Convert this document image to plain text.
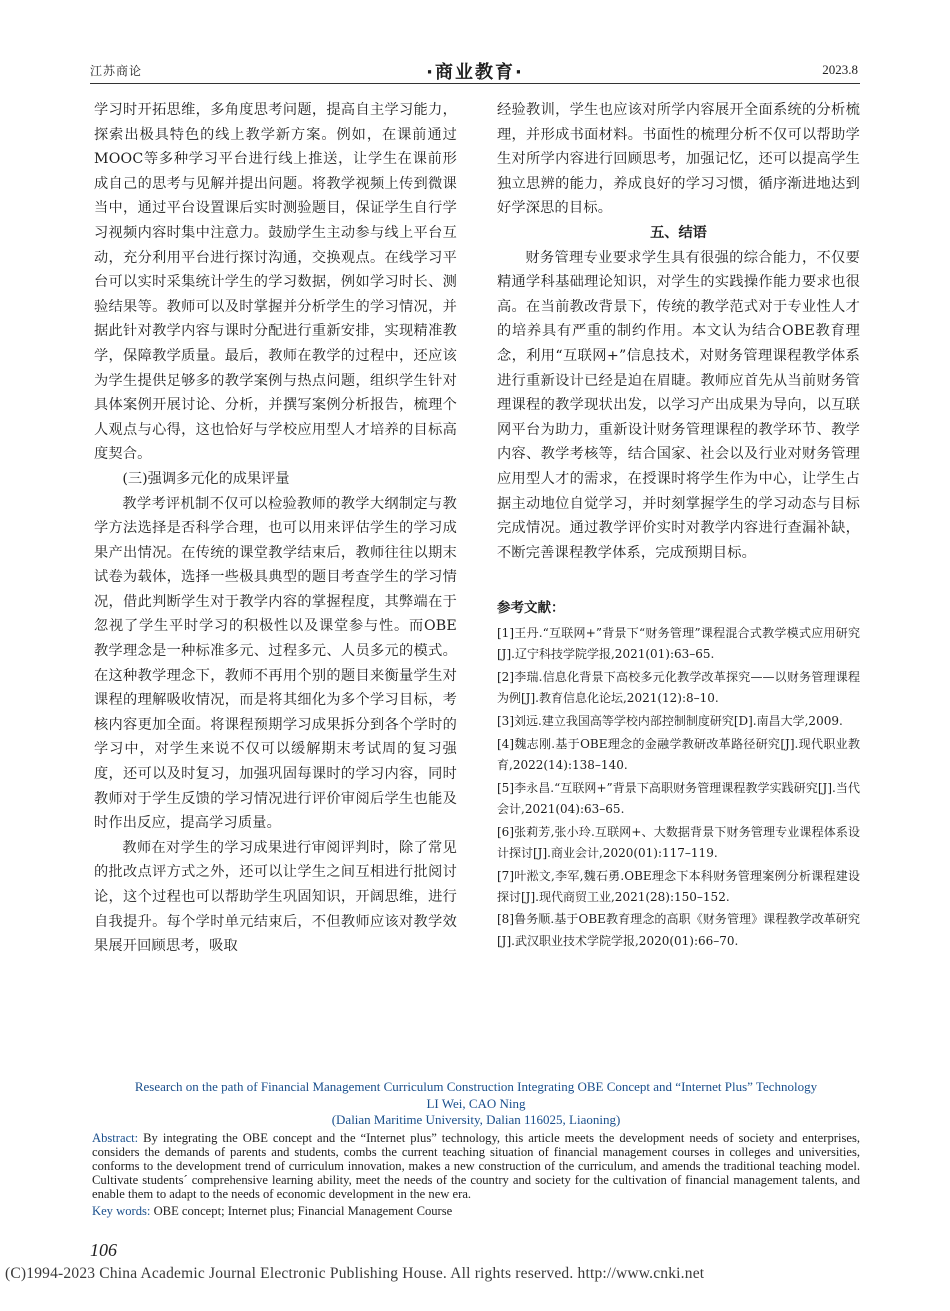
江苏商论	·商业教育·	2023.8

学习时开拓思维，多角度思考问题，提高自主学习能力，探索出极具特色的线上教学新方案。例如，在课前通过MOOC等多种学习平台进行线上推送，让学生在课前形成自己的思考与见解并提出问题。将教学视频上传到微课当中，通过平台设置课后实时测验题目，保证学生自行学习视频内容时集中注意力。鼓励学生主动参与线上平台互动，充分利用平台进行探讨沟通，交换观点。在线学习平台可以实时采集统计学生的学习数据，例如学习时长、测验结果等。教师可以及时掌握并分析学生的学习情况，并据此针对教学内容与课时分配进行重新安排，实现精准教学，保障教学质量。最后，教师在教学的过程中，还应该为学生提供足够多的教学案例与热点问题，组织学生针对具体案例开展讨论、分析，并撰写案例分析报告，梳理个人观点与心得，这也恰好与学校应用型人才培养的目标高度契合。

(三)强调多元化的成果评量

教学考评机制不仅可以检验教师的教学大纲制定与教学方法选择是否科学合理，也可以用来评估学生的学习成果产出情况。在传统的课堂教学结束后，教师往往以期末试卷为载体，选择一些极具典型的题目考查学生的学习情况，借此判断学生对于教学内容的掌握程度，其弊端在于忽视了学生平时学习的积极性以及课堂参与性。而OBE教学理念是一种标准多元、过程多元、人员多元的模式。在这种教学理念下，教师不再用个别的题目来衡量学生对课程的理解吸收情况，而是将其细化为多个学习目标，考核内容更加全面。将课程预期学习成果拆分到各个学时的学习中，对学生来说不仅可以缓解期末考试周的复习强度，还可以及时复习，加强巩固每课时的学习内容，同时教师对于学生反馈的学习情况进行评价审阅后学生也能及时作出反应，提高学习质量。

教师在对学生的学习成果进行审阅评判时，除了常见的批改点评方式之外，还可以让学生之间互相进行批阅讨论，这个过程也可以帮助学生巩固知识，开阔思维，进行自我提升。每个学时单元结束后，不但教师应该对教学效果展开回顾思考，吸取

经验教训，学生也应该对所学内容展开全面系统的分析梳理，并形成书面材料。书面性的梳理分析不仅可以帮助学生对所学内容进行回顾思考，加强记忆，还可以提高学生独立思辨的能力，养成良好的学习习惯，循序渐进地达到好学深思的目标。

五、结语

财务管理专业要求学生具有很强的综合能力，不仅要精通学科基础理论知识，对学生的实践操作能力要求也很高。在当前教改背景下，传统的教学范式对于专业性人才的培养具有严重的制约作用。本文认为结合OBE教育理念，利用“互联网+”信息技术，对财务管理课程教学体系进行重新设计已经是迫在眉睫。教师应首先从当前财务管理课程的教学现状出发，以学习产出成果为导向，以互联网平台为助力，重新设计财务管理课程的教学环节、教学内容、教学考核等，结合国家、社会以及行业对财务管理应用型人才的需求，在授课时将学生作为中心，让学生占据主动地位自觉学习，并时刻掌握学生的学习动态与目标完成情况。通过教学评价实时对教学内容进行查漏补缺，不断完善课程教学体系，完成预期目标。

参考文献：

[1]王丹.“互联网+”背景下“财务管理”课程混合式教学模式应用研究[J].辽宁科技学院学报,2021(01):63–65.

[2]李瑞.信息化背景下高校多元化教学改革探究——以财务管理课程为例[J].教育信息化论坛,2021(12):8–10.

[3]刘远.建立我国高等学校内部控制制度研究[D].南昌大学,2009.

[4]魏志刚.基于OBE理念的金融学教研改革路径研究[J].现代职业教育,2022(14):138–140.

[5]李永昌.“互联网+”背景下高职财务管理课程教学实践研究[J].当代会计,2021(04):63–65.

[6]张莉芳,张小玲.互联网+、大数据背景下财务管理专业课程体系设计探讨[J].商业会计,2020(01):117–119.

[7]叶淞文,李军,魏石勇.OBE理念下本科财务管理案例分析课程建设探讨[J].现代商贸工业,2021(28):150–152.

[8]鲁务顺.基于OBE教育理念的高职《财务管理》课程教学改革研究[J].武汉职业技术学院学报,2020(01):66–70.

Research on the path of Financial Management Curriculum Construction Integrating OBE Concept and “Internet Plus” Technology

LI Wei, CAO Ning

(Dalian Maritime University, Dalian 116025, Liaoning)

Abstract: By integrating the OBE concept and the “Internet plus” technology, this article meets the development needs of society and enterprises, considers the demands of parents and students, combs the current teaching situation of financial management courses in colleges and universities, conforms to the development trend of curriculum innovation, makes a new construction of the curriculum, and amends the traditional teaching model. Cultivate students´ comprehensive learning ability, meet the needs of the country and society for the cultivation of financial management talents, and enable them to adapt to the needs of economic development in the new era.

Key words: OBE concept; Internet plus; Financial Management Course

106
(C)1994-2023 China Academic Journal Electronic Publishing House. All rights reserved. http://www.cnki.net
